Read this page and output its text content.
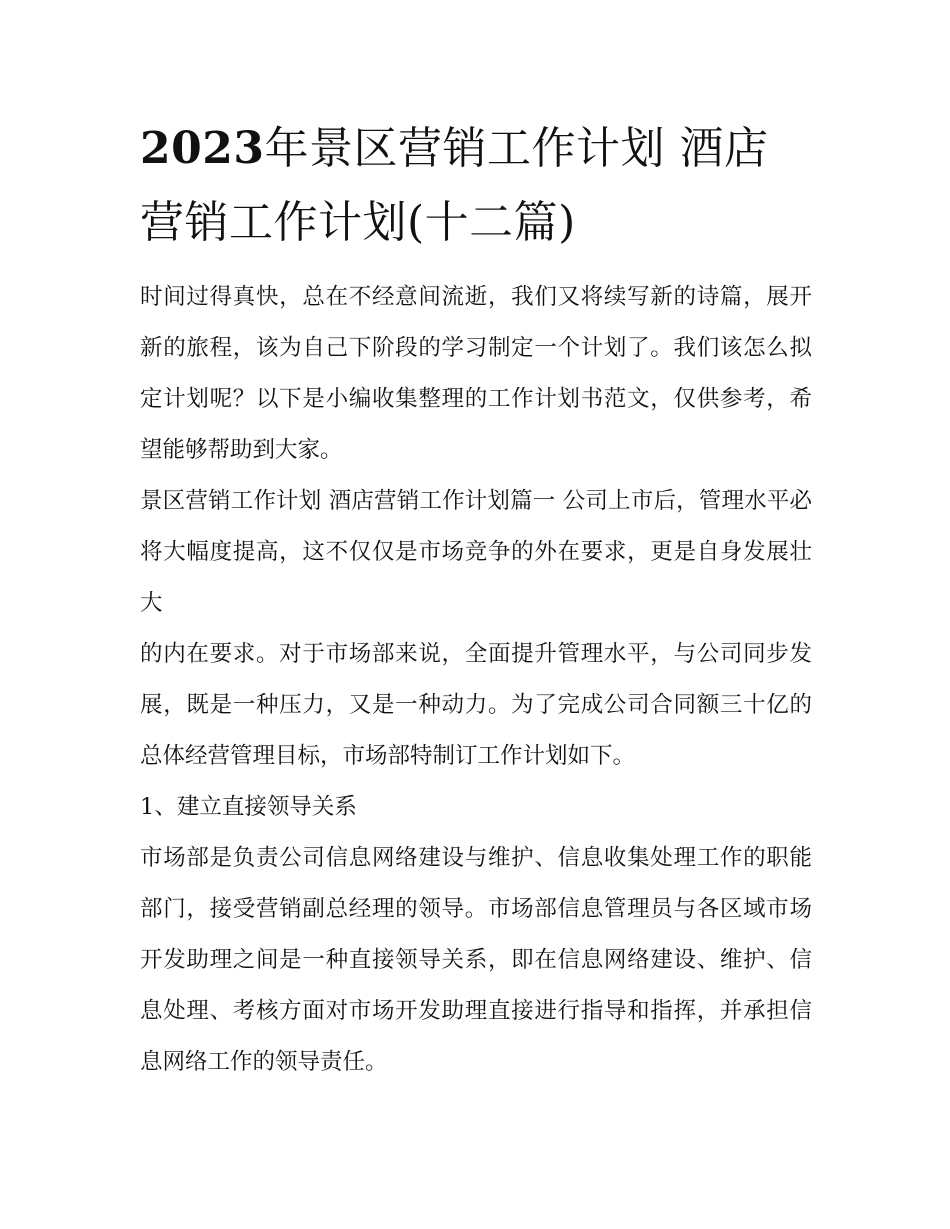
2023年景区营销工作计划 酒店营销工作计划(十二篇)

时间过得真快，总在不经意间流逝，我们又将续写新的诗篇，展开新的旅程，该为自己下阶段的学习制定一个计划了。我们该怎么拟定计划呢？以下是小编收集整理的工作计划书范文，仅供参考，希望能够帮助到大家。

景区营销工作计划 酒店营销工作计划篇一 公司上市后，管理水平必将大幅度提高，这不仅仅是市场竞争的外在要求，更是自身发展壮大

的内在要求。对于市场部来说，全面提升管理水平，与公司同步发展，既是一种压力，又是一种动力。为了完成公司合同额三十亿的总体经营管理目标，市场部特制订工作计划如下。

1、建立直接领导关系

市场部是负责公司信息网络建设与维护、信息收集处理工作的职能部门，接受营销副总经理的领导。市场部信息管理员与各区域市场开发助理之间是一种直接领导关系，即在信息网络建设、维护、信息处理、考核方面对市场开发助理直接进行指导和指挥，并承担信息网络工作的领导责任。
